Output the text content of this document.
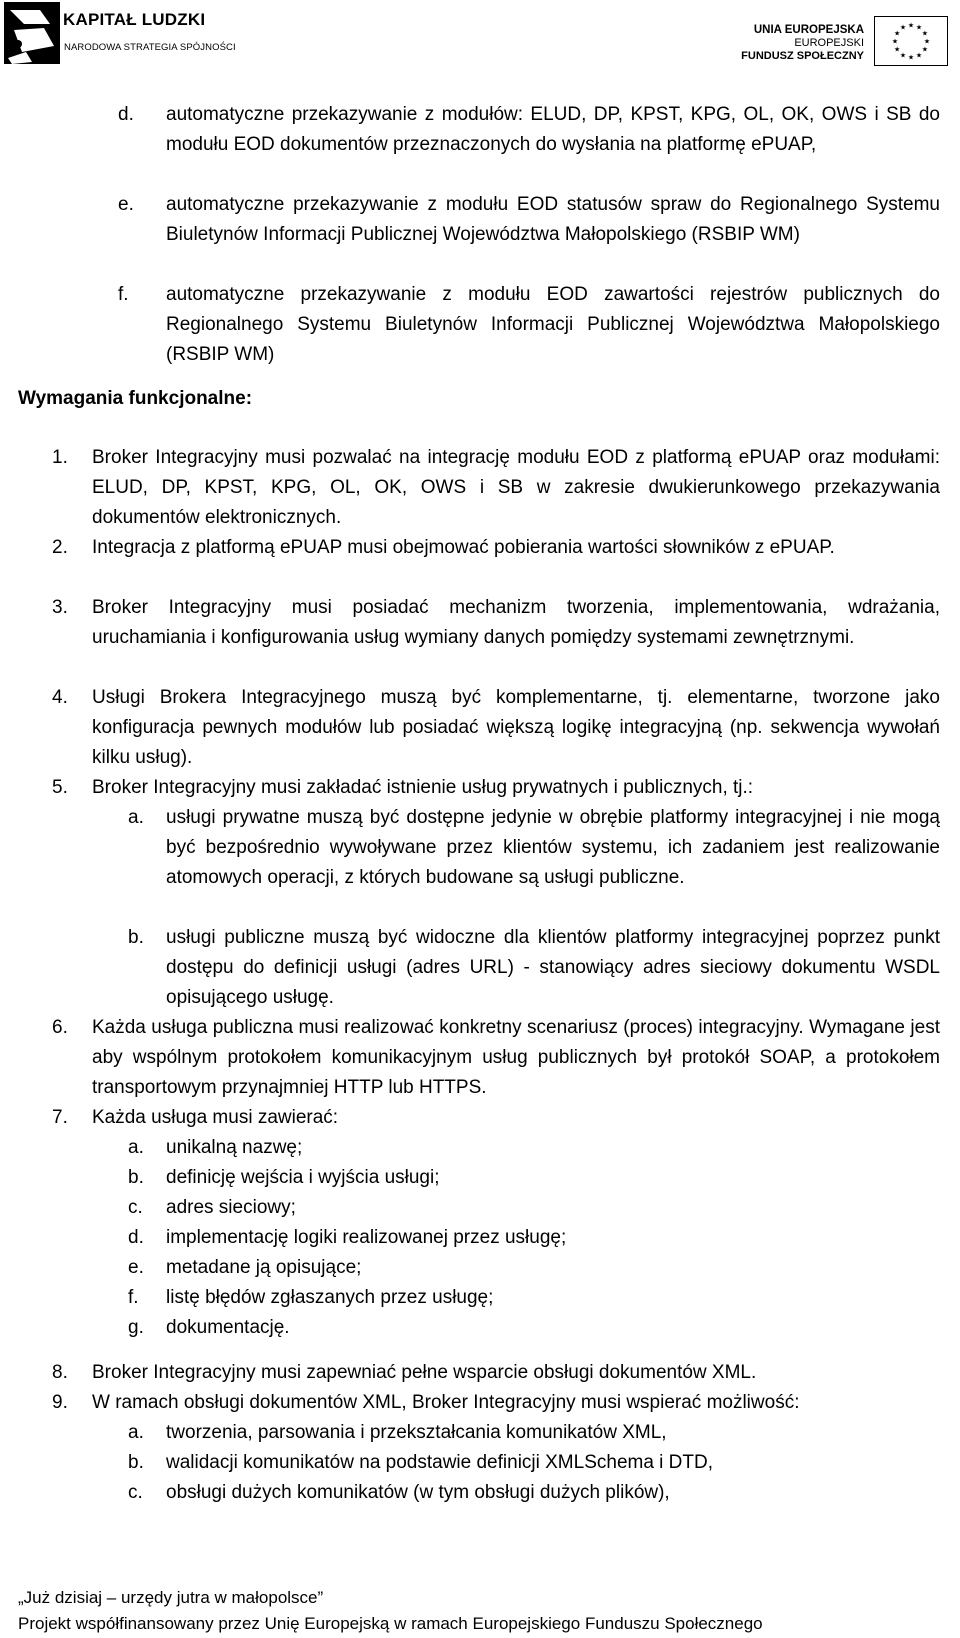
KAPITAŁ LUDZKI
NARODOWA STRATEGIA SPÓJNOŚCI
UNIA EUROPEJSKA
EUROPEJSKI
FUNDUSZ SPOŁECZNY
★
★
★
★
★
★
★
★
★ ★ ★
★
d. automatyczne przekazywanie z modułów: ELUD, DP, KPST, KPG, OL, OK, OWS i SB do modułu EOD dokumentów przeznaczonych do wysłania na platformę ePUAP,
e. automatyczne przekazywanie z modułu EOD statusów spraw do Regionalnego Systemu Biuletynów Informacji Publicznej Województwa Małopolskiego (RSBIP WM)
f. automatyczne przekazywanie z modułu EOD zawartości rejestrów publicznych do Regionalnego Systemu Biuletynów Informacji Publicznej Województwa Małopolskiego (RSBIP WM)
Wymagania funkcjonalne:
1. Broker Integracyjny musi pozwalać na integrację modułu EOD z platformą ePUAP oraz modułami: ELUD, DP, KPST, KPG, OL, OK, OWS i SB w zakresie dwukierunkowego przekazywania dokumentów elektronicznych.
2. Integracja z platformą ePUAP musi obejmować pobierania wartości słowników z ePUAP.
3. Broker Integracyjny musi posiadać mechanizm tworzenia, implementowania, wdrażania, uruchamiania i konfigurowania usług wymiany danych pomiędzy systemami zewnętrznymi.
4. Usługi Brokera Integracyjnego muszą być komplementarne, tj. elementarne, tworzone jako konfiguracja pewnych modułów lub posiadać większą logikę integracyjną (np. sekwencja wywołań kilku usług).
5. Broker Integracyjny musi zakładać istnienie usług prywatnych i publicznych, tj.:
a. usługi prywatne muszą być dostępne jedynie w obrębie platformy integracyjnej i nie mogą być bezpośrednio wywoływane przez klientów systemu, ich zadaniem jest realizowanie atomowych operacji, z których budowane są usługi publiczne.
b. usługi publiczne muszą być widoczne dla klientów platformy integracyjnej poprzez punkt dostępu do definicji usługi (adres URL) - stanowiący adres sieciowy dokumentu WSDL opisującego usługę.
6. Każda usługa publiczna musi realizować konkretny scenariusz (proces) integracyjny. Wymagane jest aby wspólnym protokołem komunikacyjnym usług publicznych był protokół SOAP, a protokołem transportowym przynajmniej HTTP lub HTTPS.
7. Każda usługa musi zawierać:
a. unikalną nazwę;
b. definicję wejścia i wyjścia usługi;
c. adres sieciowy;
d. implementację logiki realizowanej przez usługę;
e. metadane ją opisujące;
f. listę błędów zgłaszanych przez usługę;
g. dokumentację.
8. Broker Integracyjny musi zapewniać pełne wsparcie obsługi dokumentów XML.
9. W ramach obsługi dokumentów XML, Broker Integracyjny musi wspierać możliwość:
a. tworzenia, parsowania i przekształcania komunikatów XML,
b. walidacji komunikatów na podstawie definicji XMLSchema i DTD,
c. obsługi dużych komunikatów (w tym obsługi dużych plików),
„Już dzisiaj – urzędy jutra w małopolsce”
Projekt współfinansowany przez Unię Europejską w ramach Europejskiego Funduszu Społecznego
